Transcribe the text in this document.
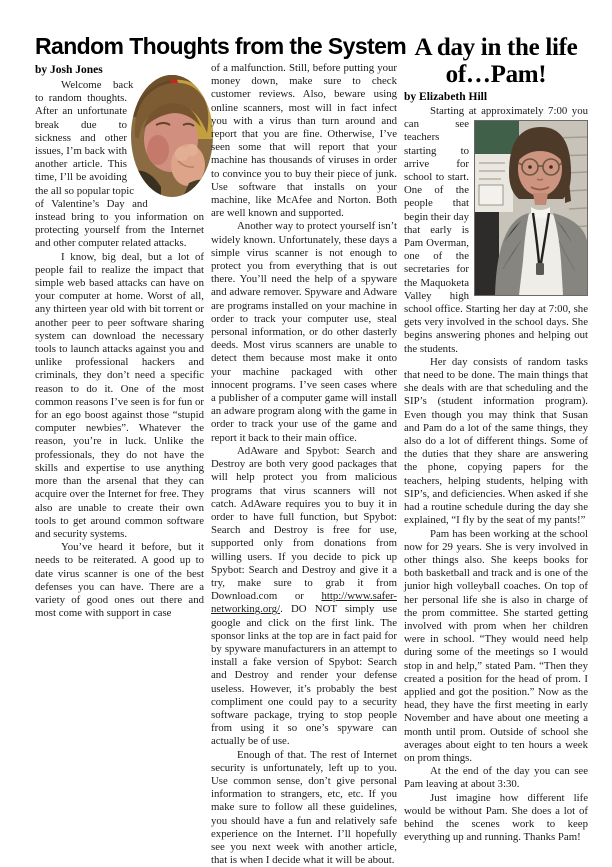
Random Thoughts from the System
by Josh Jones

Welcome back to random thoughts. After an unfortunate break due to sickness and other issues, I’m back with another article. This time, I’ll be avoiding the all so popular topic of Valentine’s Day and instead bring to you information on protecting yourself from the Internet and other computer related attacks.

I know, big deal, but a lot of people fail to realize the impact that simple web based attacks can have on your computer at home. Worst of all, any thirteen year old with bit torrent or another peer to peer software sharing system can download the necessary tools to launch attacks against you and unlike professional hackers and criminals, they don’t need a specific reason to do it. One of the most common reasons I’ve seen is for fun or for an ego boost against those “stupid computer newbies”. Whatever the reason, you’re in luck. Unlike the professionals, they do not have the skills and expertise to use anything more than the arsenal that they can acquire over the Internet for free. They also are unable to create their own tools to get around common software and security systems.

You’ve heard it before, but it needs to be reiterated. A good up to date virus scanner is one of the best defenses you can have. There are a variety of good ones out there and most come with support in case

of a malfunction. Still, before putting your money down, make sure to check customer reviews. Also, beware using online scanners, most will in fact infect you with a virus than turn around and report that you are fine. Otherwise, I’ve seen some that will report that your machine has thousands of viruses in order to convince you to buy their piece of junk. Use software that installs on your machine, like McAfee and Norton. Both are well known and supported.

Another way to protect yourself isn’t widely known. Unfortunately, these days a simple virus scanner is not enough to protect you from everything that is out there. You’ll need the help of a spyware and adware remover. Spyware and Adware are programs installed on your machine in order to track your computer use, steal personal information, or do other dasterly deeds. Most virus scanners are unable to detect them because most make it onto your machine packaged with other innocent programs. I’ve seen cases where a publisher of a computer game will install an adware program along with the game in order to track your use of the game and report it back to their main office.

AdAware and Spybot: Search and Destroy are both very good packages that will help protect you from malicious programs that virus scanners will not catch. AdAware requires you to buy it in order to have full function, but Spybot: Search and Destroy is free for use, supported only from donations from willing users. If you decide to pick up Spybot: Search and Destroy and give it a try, make sure to grab it from Download.com or http://www.safer-networking.org/. DO NOT simply use google and click on the first link. The sponsor links at the top are in fact paid for by spyware manufacturers in an attempt to install a fake version of Spybot: Search and Destroy and render your defense useless. However, it’s probably the best compliment one could pay to a security software package, trying to stop people from using it so one’s spyware can actually be of use.

Enough of that. The rest of Internet security is unfortunately, left up to you. Use common sense, don’t give personal information to strangers, etc, etc. If you make sure to follow all these guidelines, you should have a fun and relatively safe experience on the Internet. I’ll hopefully see you next week with another article, that is when I decide what it will be about.

A day in the life
of…Pam!
by Elizabeth Hill

Starting at approximately 7:00 you
can see teachers starting to arrive for school to start. One of the people that begin their day that early is Pam Overman, one of the secretaries for the Maquoketa Valley high school office. Starting her day at 7:00, she gets very involved in the school days. She begins answering phones and helping out the students.

Her day consists of random tasks that need to be done. The main things that she deals with are that scheduling and the SIP’s (student information program). Even though you may think that Susan and Pam do a lot of the same things, they also do a lot of different things. Some of the duties that they share are answering the phone, copying papers for the teachers, helping students, helping with SIP’s, and deficiencies. When asked if she had a routine schedule during the day she explained, “I fly by the seat of my pants!”

Pam has been working at the school now for 29 years. She is very involved in other things also. She keeps books for both basketball and track and is one of the junior high volleyball coaches. On top of her personal life she is also in charge of the prom committee. She started getting involved with prom when her children were in school. “They would need help during some of the meetings so I would stop in and help,” stated Pam. “Then they created a position for the head of prom. I applied and got the position.” Now as the head, they have the first meeting in early November and have about one meeting a month until prom. Outside of school she averages about eight to ten hours a week on prom things.

At the end of the day you can see Pam leaving at about 3:30.

Just imagine how different life would be without Pam. She does a lot of behind the scenes work to keep everything up and running. Thanks Pam!
